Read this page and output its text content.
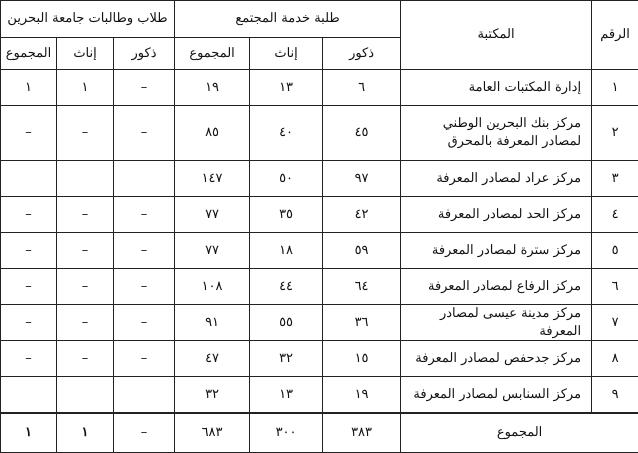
الرقم	المكتبة	طلبة خدمة المجتمع			طلاب وطالبات جامعة البحرين		
		ذكور	إناث	المجموع	ذكور	إناث	المجموع
١	إدارة المكتبات العامة	٦	١٣	١٩	–	١	١
٢	مركز بنك البحرين الوطني لمصادر المعرفة بالمحرق	٤٥	٤٠	٨٥	–	–	–
٣	مركز عراد لمصادر المعرفة	٩٧	٥٠	١٤٧			
٤	مركز الحد لمصادر المعرفة	٤٢	٣٥	٧٧	–	–	–
٥	مركز سترة لمصادر المعرفة	٥٩	١٨	٧٧	–	–	–
٦	مركز الرفاع لمصادر المعرفة	٦٤	٤٤	١٠٨	–	–	–
٧	مركز مدينة عيسى لمصادر المعرفة	٣٦	٥٥	٩١	–	–	–
٨	مركز جدحفص لمصادر المعرفة	١٥	٣٢	٤٧	–	–	–
٩	مركز السنابس لمصادر المعرفة	١٩	١٣	٣٢			
المجموع		٣٨٣	٣٠٠	٦٨٣	–	١	١
